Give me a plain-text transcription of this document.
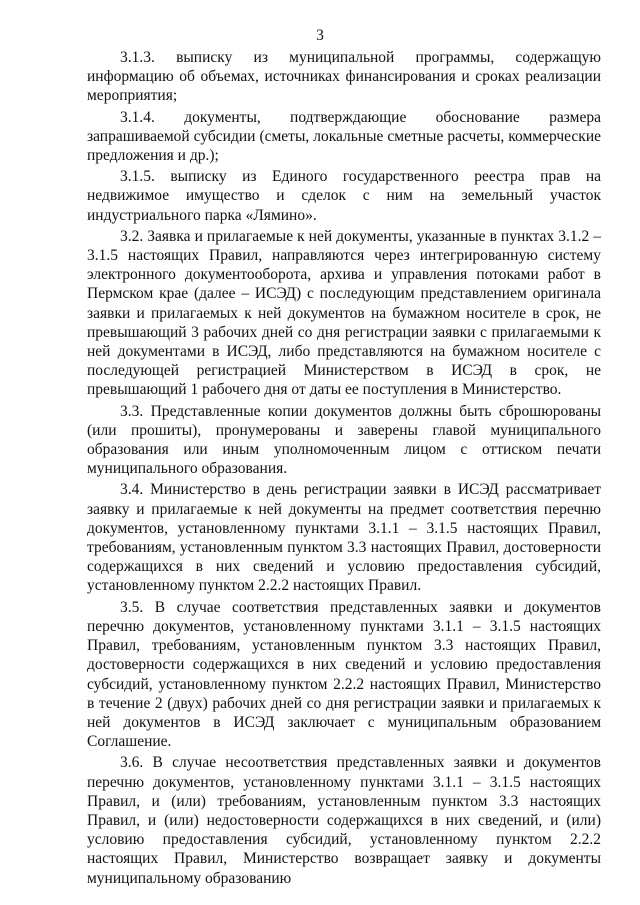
3

3.1.3. выписку из муниципальной программы, содержащую информацию об объемах, источниках финансирования и сроках реализации мероприятия;

3.1.4. документы, подтверждающие обоснование размера запрашиваемой субсидии (сметы, локальные сметные расчеты, коммерческие предложения и др.);

3.1.5. выписку из Единого государственного реестра прав на недвижимое имущество и сделок с ним на земельный участок индустриального парка «Лямино».

3.2. Заявка и прилагаемые к ней документы, указанные в пунктах 3.1.2 – 3.1.5 настоящих Правил, направляются через интегрированную систему электронного документооборота, архива и управления потоками работ в Пермском крае (далее – ИСЭД) с последующим представлением оригинала заявки и прилагаемых к ней документов на бумажном носителе в срок, не превышающий 3 рабочих дней со дня регистрации заявки с прилагаемыми к ней документами в ИСЭД, либо представляются на бумажном носителе с последующей регистрацией Министерством в ИСЭД в срок, не превышающий 1 рабочего дня от даты ее поступления в Министерство.

3.3. Представленные копии документов должны быть сброшюрованы (или прошиты), пронумерованы и заверены главой муниципального образования или иным уполномоченным лицом с оттиском печати муниципального образования.

3.4. Министерство в день регистрации заявки в ИСЭД рассматривает заявку и прилагаемые к ней документы на предмет соответствия перечню документов, установленному пунктами 3.1.1 – 3.1.5 настоящих Правил, требованиям, установленным пунктом 3.3 настоящих Правил, достоверности содержащихся в них сведений и условию предоставления субсидий, установленному пунктом 2.2.2 настоящих Правил.

3.5. В случае соответствия представленных заявки и документов перечню документов, установленному пунктами 3.1.1 – 3.1.5 настоящих Правил, требованиям, установленным пунктом 3.3 настоящих Правил, достоверности содержащихся в них сведений и условию предоставления субсидий, установленному пунктом 2.2.2 настоящих Правил, Министерство в течение 2 (двух) рабочих дней со дня регистрации заявки и прилагаемых к ней документов в ИСЭД заключает с муниципальным образованием Соглашение.

3.6. В случае несоответствия представленных заявки и документов перечню документов, установленному пунктами 3.1.1 – 3.1.5 настоящих Правил, и (или) требованиям, установленным пунктом 3.3 настоящих Правил, и (или) недостоверности содержащихся в них сведений, и (или) условию предоставления субсидий, установленному пунктом 2.2.2 настоящих Правил, Министерство возвращает заявку и документы муниципальному образованию
